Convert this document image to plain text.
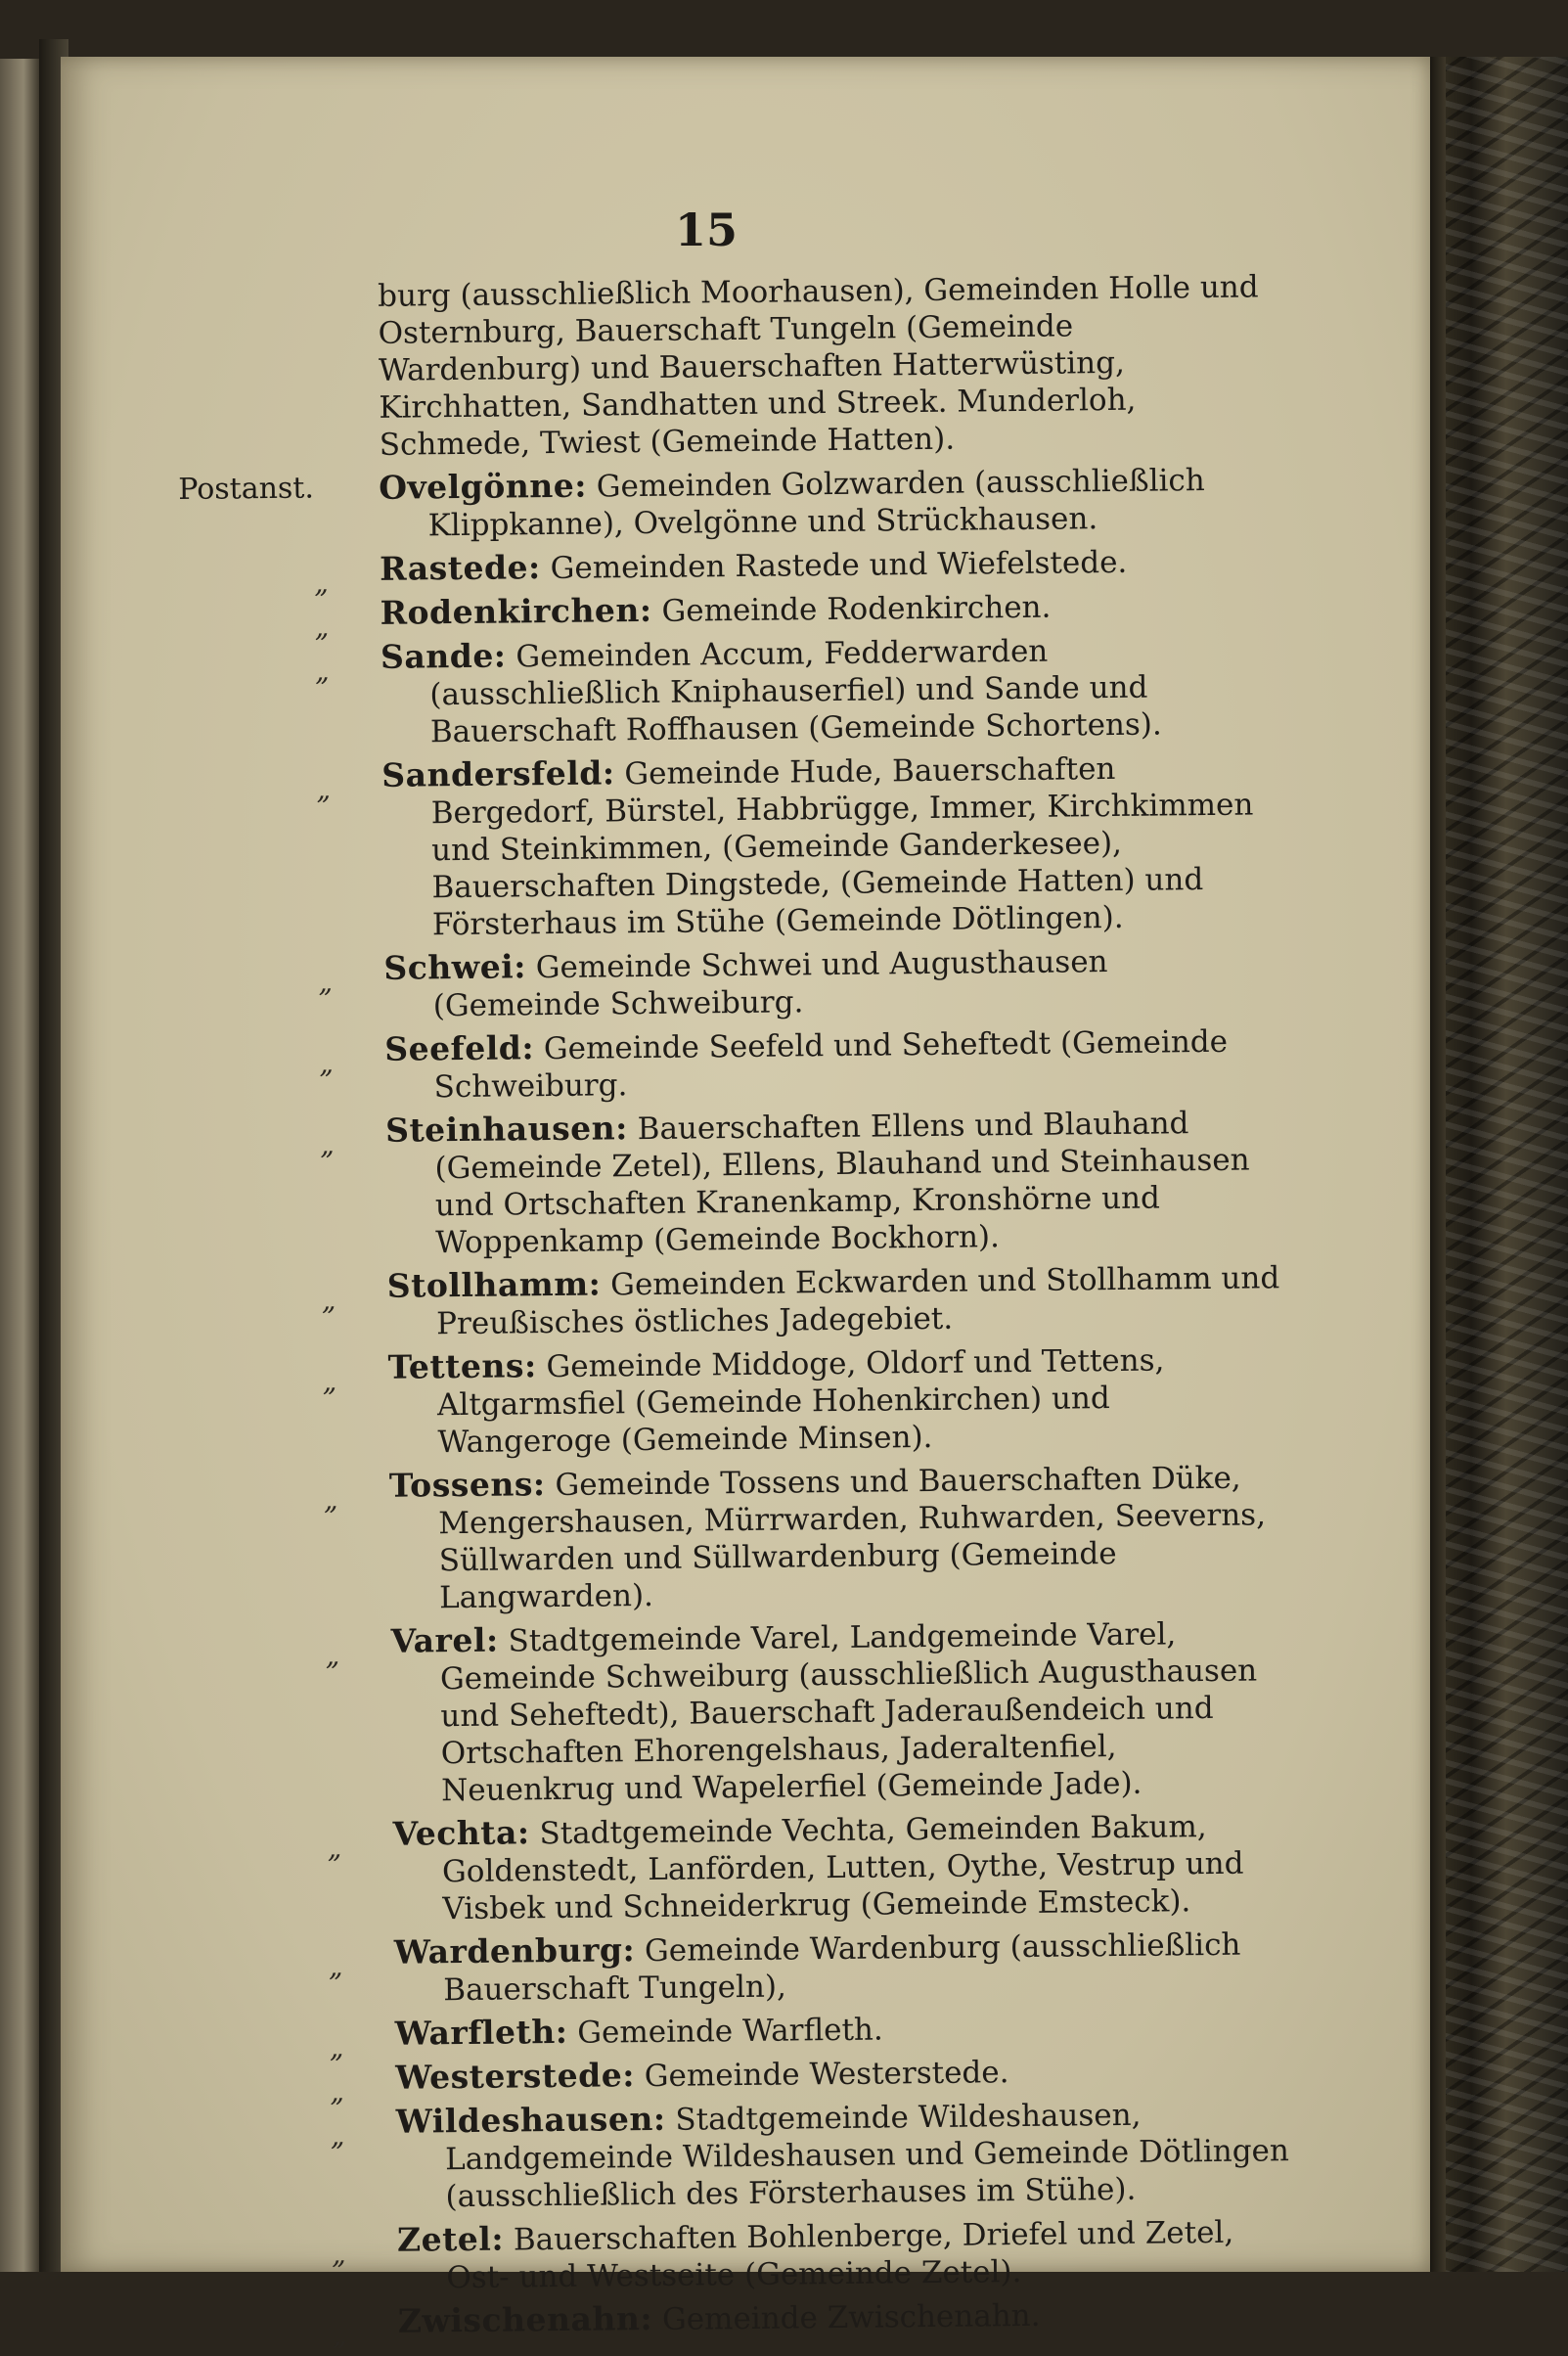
15
burg (ausschließlich Moorhausen), Gemeinden Holle und Osternburg, Bauerschaft Tungeln (Gemeinde Wardenburg) und Bauerschaften Hatterwüsting, Kirchhatten, Sandhatten und Streek. Munderloh, Schmede, Twiest (Gemeinde Hatten).
Postanst.	Ovelgönne: Gemeinden Golzwarden (ausschließlich Klippkanne), Ovelgönne und Strückhausen.
„ Rastede: Gemeinden Rastede und Wiefelstede.
„ Rodenkirchen: Gemeinde Rodenkirchen.
„ Sande: Gemeinden Accum, Fedderwarden (ausschließlich Kniphauserfiel) und Sande und Bauerschaft Roffhausen (Gemeinde Schortens).
„ Sandersfeld: Gemeinde Hude, Bauerschaften Bergedorf, Bürstel, Habbrügge, Immer, Kirchkimmen und Steinkimmen, (Gemeinde Ganderkesee), Bauerschaften Dingstede, (Gemeinde Hatten) und Försterhaus im Stühe (Gemeinde Dötlingen).
„ Schwei: Gemeinde Schwei und Augusthausen (Gemeinde Schweiburg.
„ Seefeld: Gemeinde Seefeld und Seheftedt (Gemeinde Schweiburg.
„ Steinhausen: Bauerschaften Ellens und Blauhand (Gemeinde Zetel), Ellens, Blauhand und Steinhausen und Ortschaften Kranenkamp, Kronshörne und Woppenkamp (Gemeinde Bockhorn).
„ Stollhamm: Gemeinden Eckwarden und Stollhamm und Preußisches östliches Jadegebiet.
„ Tettens: Gemeinde Middoge, Oldorf und Tettens, Altgarmsfiel (Gemeinde Hohenkirchen) und Wangeroge (Gemeinde Minsen).
„ Tossens: Gemeinde Tossens und Bauerschaften Düke, Mengershausen, Mürrwarden, Ruhwarden, Seeverns, Süllwarden und Süllwardenburg (Gemeinde Langwarden).
„ Varel: Stadtgemeinde Varel, Landgemeinde Varel, Gemeinde Schweiburg (ausschließlich Augusthausen und Seheftedt), Bauerschaft Jaderaußendeich und Ortschaften Ehorengelshaus, Jaderaltenfiel, Neuenkrug und Wapelerfiel (Gemeinde Jade).
„ Vechta: Stadtgemeinde Vechta, Gemeinden Bakum, Goldenstedt, Lanförden, Lutten, Oythe, Vestrup und Visbek und Schneiderkrug (Gemeinde Emsteck).
„ Wardenburg: Gemeinde Wardenburg (ausschließlich Bauerschaft Tungeln),
„ Warfleth: Gemeinde Warfleth.
„ Westerstede: Gemeinde Westerstede.
„ Wildeshausen: Stadtgemeinde Wildeshausen, Landgemeinde Wildeshausen und Gemeinde Dötlingen (ausschließlich des Försterhauses im Stühe).
„ Zetel: Bauerschaften Bohlenberge, Driefel und Zetel, Ost- und Westseite (Gemeinde Zetel).
„ Zwischenahn: Gemeinde Zwischenahn.
